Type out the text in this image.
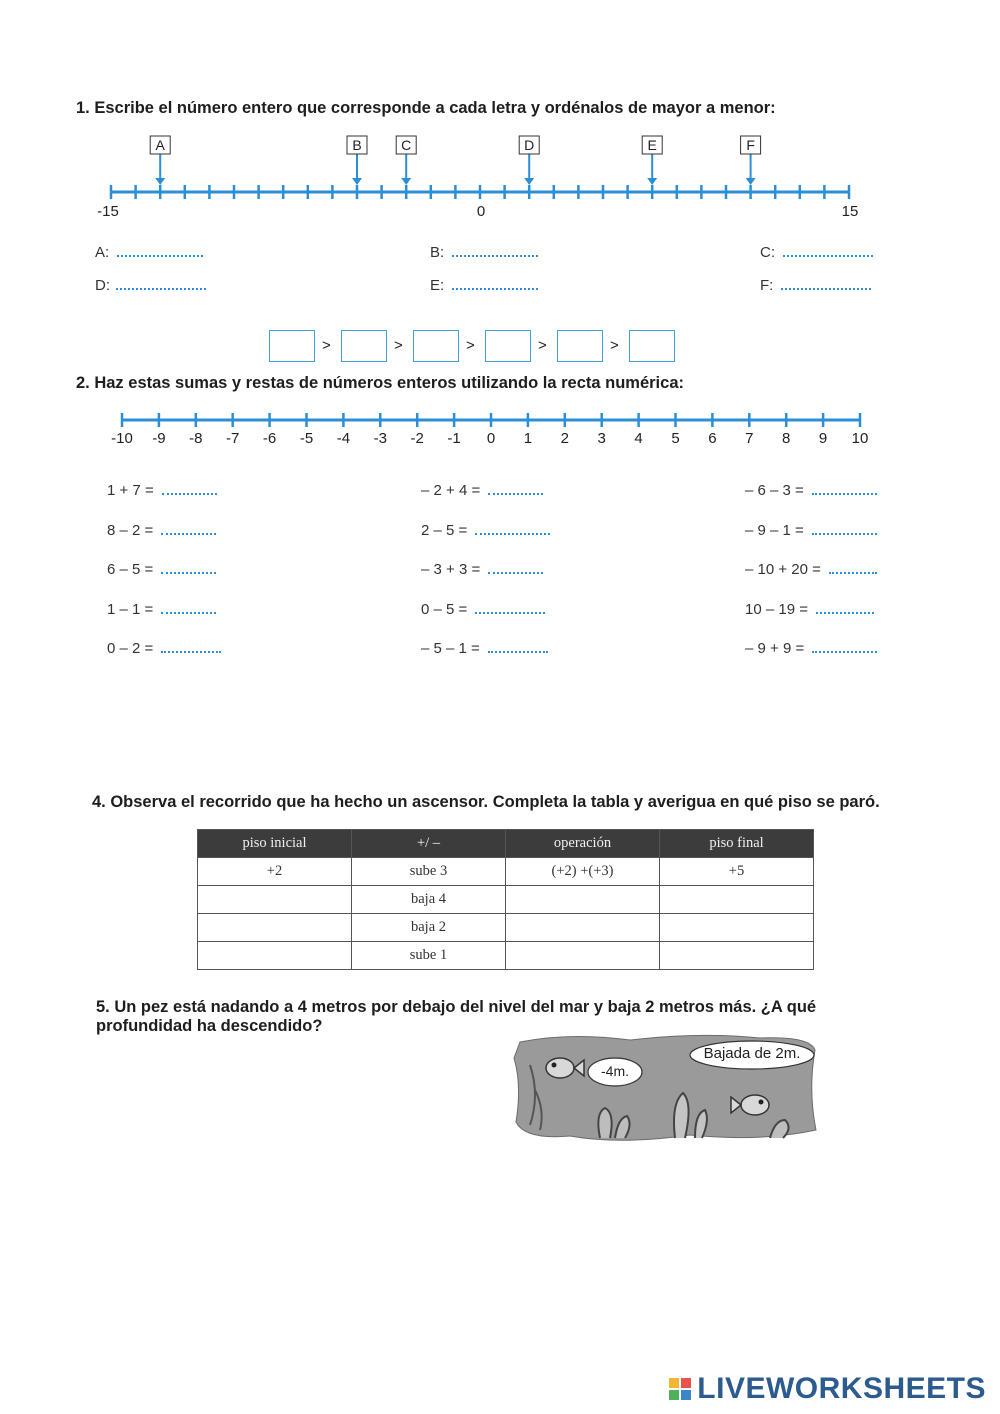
1. Escribe el número entero que corresponde a cada letra y ordénalos de mayor a menor:
A	B	C	D	E	F
-15	0	15
A:	B:	C:
D:	E:	F:
>	>	>	>	>
2. Haz estas sumas y restas de números enteros utilizando la recta numérica:
-10	-9	-8	-7	-6	-5	-4	-3	-2	-1	0	1	2	3	4	5	6	7	8	9	10
1 + 7 =	– 2 + 4 =	– 6 – 3 =
8 – 2 =	2 – 5 =	– 9 – 1 =
6 – 5 =	– 3 + 3 =	– 10 + 20 =
1 – 1 =	0 – 5 =	10 – 19 =
0 – 2 =	– 5 – 1 =	– 9 + 9 =
4. Observa el recorrido que ha hecho un ascensor. Completa la tabla y averigua en qué piso se paró.
piso inicial	+/ –	operación	piso final
+2	sube 3	(+2) +(+3)	+5
	baja 4		
	baja 2		
	sube 1		
5. Un pez está nadando a 4 metros por debajo del nivel del mar y baja 2 metros más. ¿A qué
profundidad ha descendido?
-4m.
Bajada de 2m.
LIVEWORKSHEETS
